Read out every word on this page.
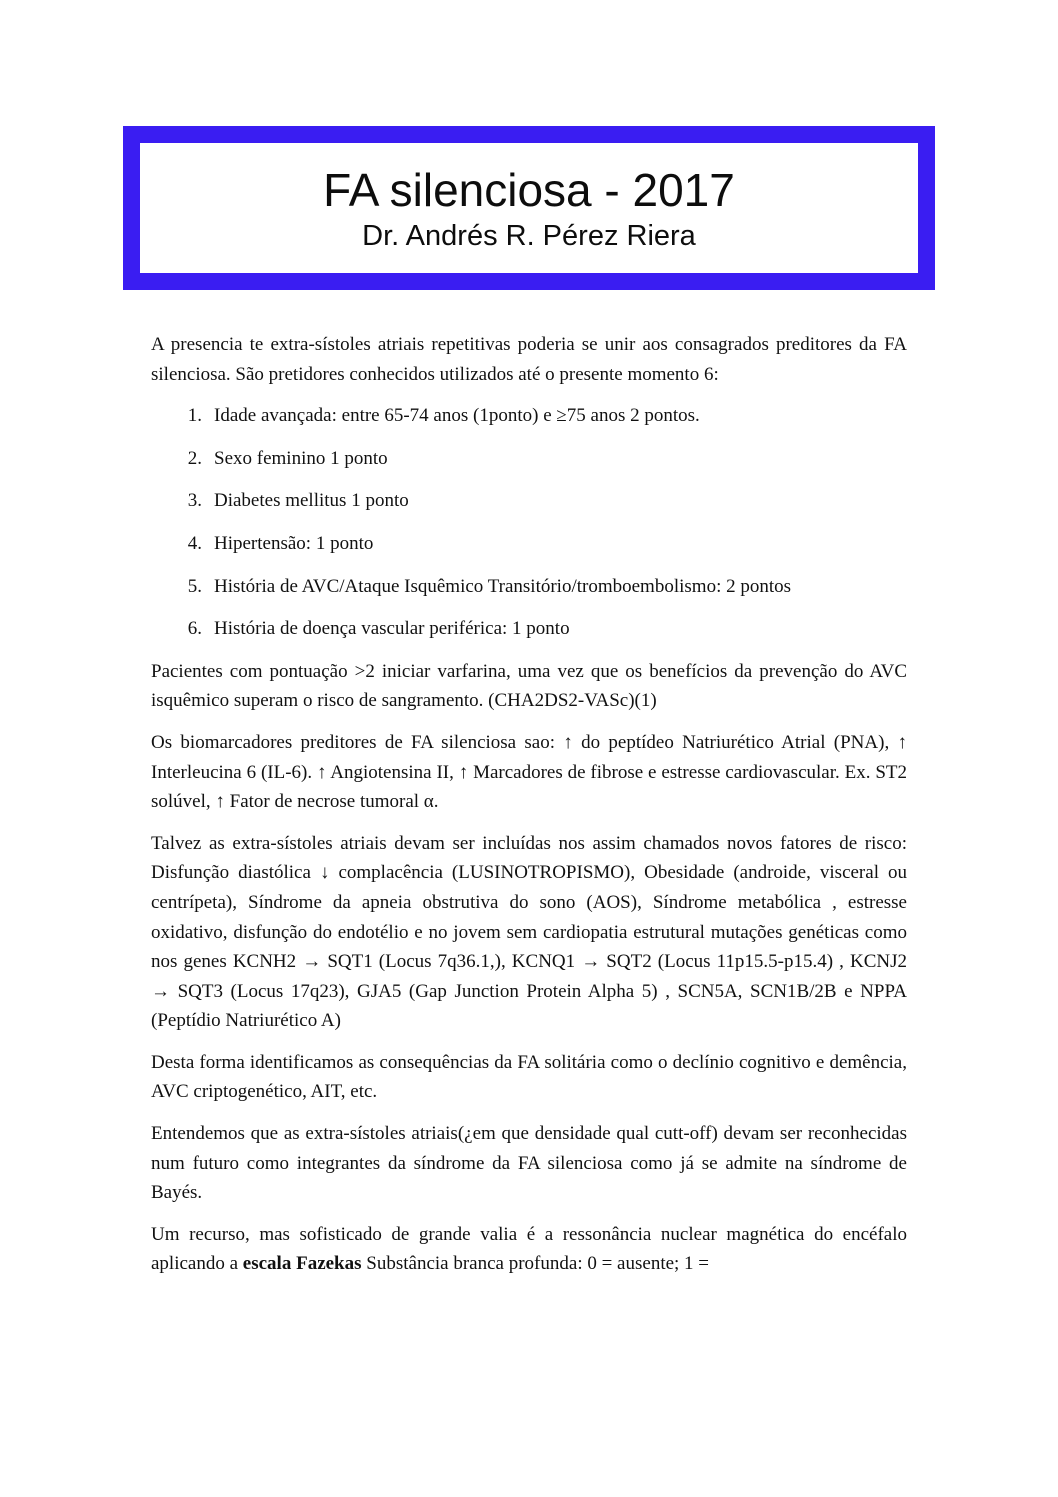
FA silenciosa - 2017
Dr. Andrés R. Pérez Riera

A presencia te extra-sístoles atriais repetitivas poderia se unir aos consagrados preditores da FA silenciosa. São pretidores conhecidos utilizados até o presente momento 6:

1. Idade avançada: entre 65-74 anos (1ponto) e ≥75 anos 2 pontos.
2. Sexo feminino 1 ponto
3. Diabetes mellitus 1 ponto
4. Hipertensão: 1 ponto
5. História de AVC/Ataque Isquêmico Transitório/tromboembolismo: 2 pontos
6. História de doença vascular periférica: 1 ponto

Pacientes com pontuação >2 iniciar varfarina, uma vez que os benefícios da prevenção do AVC isquêmico superam o risco de sangramento. (CHA2DS2-VASc)(1)

Os biomarcadores preditores de FA silenciosa sao: ↑ do peptídeo Natriurético Atrial (PNA), ↑ Interleucina 6 (IL-6). ↑ Angiotensina II, ↑ Marcadores de fibrose e estresse cardiovascular. Ex. ST2 solúvel, ↑ Fator de necrose tumoral α.

Talvez as extra-sístoles atriais devam ser incluídas nos assim chamados novos fatores de risco: Disfunção diastólica ↓ complacência (LUSINOTROPISMO), Obesidade (androide, visceral ou centrípeta), Síndrome da apneia obstrutiva do sono (AOS), Síndrome metabólica , estresse oxidativo, disfunção do endotélio e no jovem sem cardiopatia estrutural mutações genéticas como nos genes KCNH2 → SQT1 (Locus 7q36.1,), KCNQ1 → SQT2 (Locus 11p15.5-p15.4) , KCNJ2 → SQT3 (Locus 17q23), GJA5 (Gap Junction Protein Alpha 5) , SCN5A, SCN1B/2B e NPPA (Peptídio Natriurético A)

Desta forma identificamos as consequências da FA solitária como o declínio cognitivo e demência, AVC criptogenético, AIT, etc.

Entendemos que as extra-sístoles atriais(¿em que densidade qual cutt-off) devam ser reconhecidas num futuro como integrantes da síndrome da FA silenciosa como já se admite na síndrome de Bayés.

Um recurso, mas sofisticado de grande valia é a ressonância nuclear magnética do encéfalo aplicando a escala Fazekas Substância branca profunda: 0 = ausente; 1 =
